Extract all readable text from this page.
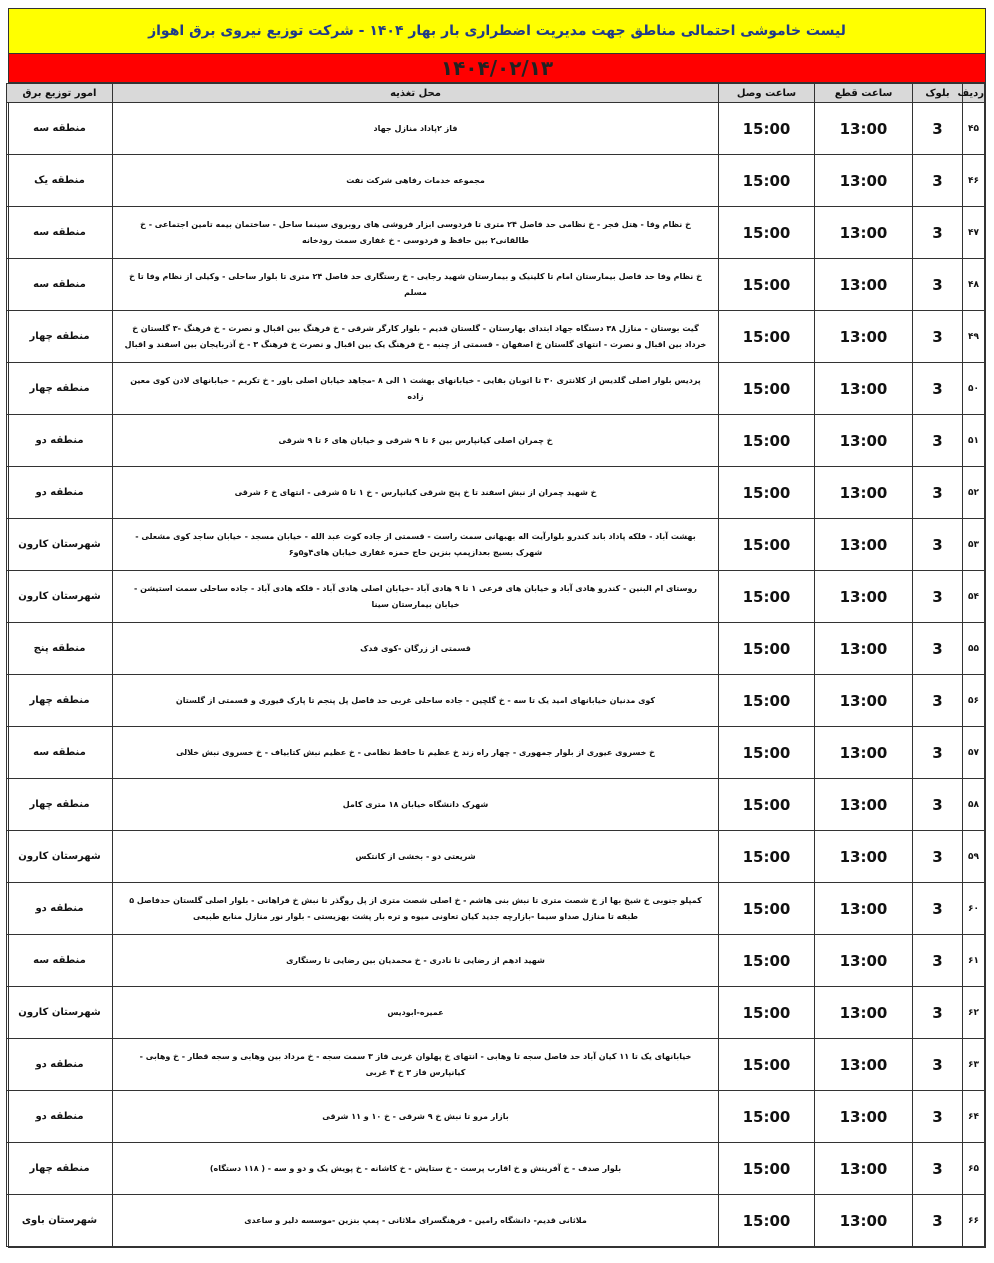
لیست خاموشی احتمالی مناطق جهت مدیریت اضطراری بار بهار ۱۴۰۴ - شرکت توزیع نیروی برق اهواز
۱۴۰۴/۰۲/۱۳
ردیف	بلوک	ساعت قطع	ساعت وصل	محل تغذیه	امور توزیع برق
۴۵	3	13:00	15:00	فاز ۲پاداد منازل جهاد	منطقه سه
۴۶	3	13:00	15:00	مجموعه خدمات رفاهی شرکت نفت	منطقه یک
۴۷	3	13:00	15:00	خ نظام وفا - هتل فجر - خ نظامی حد فاصل ۲۴ متری تا فردوسی ابزار فروشی های روبروی سینما ساحل - ساختمان بیمه تامین اجتماعی - خ طالقانی۲ بین حافظ و فردوسی - خ غفاری سمت رودخانه	منطقه سه
۴۸	3	13:00	15:00	خ نظام وفا حد فاصل بیمارستان امام تا کلینیک و بیمارستان شهید رجایی - خ رستگاری حد فاصل ۲۴ متری تا بلوار ساحلی - وکیلی از نظام وفا تا خ مسلم	منطقه سه
۴۹	3	13:00	15:00	گیت بوستان - منازل ۳۸ دستگاه جهاد ابتدای بهارستان - گلستان قدیم - بلوار کارگر شرقی - خ فرهنگ بین اقبال و نصرت - خ فرهنگ -۳ گلستان خ خرداد بین اقبال و نصرت - انتهای گلستان خ اصفهان - قسمتی از چنبه - خ فرهنگ یک بین اقبال و نصرت خ فرهنگ ۳ - خ آذربایجان بین اسفند و اقبال	منطقه چهار
۵۰	3	13:00	15:00	پردیس بلوار اصلی گلدیس از کلانتری ۳۰ تا اتوبان بقایی - خیابانهای بهشت ۱ الی ۸ -مجاهد خیابان اصلی باور - خ تکریم - خیابانهای لادن کوی معین زاده	منطقه چهار
۵۱	3	13:00	15:00	خ چمران اصلی کیانپارس بین ۶ تا ۹ شرقی و خیابان های ۶ تا ۹ شرقی	منطقه دو
۵۲	3	13:00	15:00	خ شهید چمران از نبش اسفند تا خ پنج شرقی کیانپارس - خ ۱ تا ۵ شرقی - انتهای خ ۶ شرقی	منطقه دو
۵۳	3	13:00	15:00	بهشت آباد - فلکه پاداد باند کندرو بلوارآیت اله بهبهانی سمت راست - قسمتی از جاده کوت عبد الله - خیابان مسجد - خیابان ساجد کوی مشعلی - شهرک بسیج بعدازپمپ بنزین حاج حمزه غفاری خیابان های۴و۵و۶	شهرستان کارون
۵۴	3	13:00	15:00	روستای ام البنین - کندرو هادی آباد و خیابان های فرعی ۱ تا ۹ هادی آباد -خیابان اصلی هادی آباد - فلکه هادی آباد - جاده ساحلی سمت استیشن - خیابان بیمارستان سینا	شهرستان کارون
۵۵	3	13:00	15:00	قسمتی از زرگان -کوی فدک	منطقه پنج
۵۶	3	13:00	15:00	کوی مدنیان خیابانهای امید یک تا سه - خ گلچین - جاده ساحلی غربی حد فاصل پل پنجم تا پارک قیوری و قسمتی از گلستان	منطقه چهار
۵۷	3	13:00	15:00	خ خسروی عیوری از بلوار جمهوری - چهار راه زند خ عظیم تا حافظ نظامی - خ عظیم نبش کتابیاف - خ خسروی نبش خلالی	منطقه سه
۵۸	3	13:00	15:00	شهرک دانشگاه خیابان ۱۸ متری کامل	منطقه چهار
۵۹	3	13:00	15:00	شریعتی دو - بخشی از کانتکس	شهرستان کارون
۶۰	3	13:00	15:00	کمپلو جنوبی خ شیخ بها از خ شصت متری تا نبش بنی هاشم - خ اصلی شصت متری از پل روگذر تا نبش خ فراهانی - بلوار اصلی گلستان حدفاصل ۵ طبقه تا منازل صداو سیما -بازارچه جدید کیان تعاونی میوه و تره بار پشت بهزیستی - بلوار نور منازل منابع طبیعی	منطقه دو
۶۱	3	13:00	15:00	شهید ادهم از رضایی تا نادری - خ محمدیان بین رضایی تا رستگاری	منطقه سه
۶۲	3	13:00	15:00	عمیره-ابودیس	شهرستان کارون
۶۳	3	13:00	15:00	خیابانهای یک تا ۱۱ کیان آباد حد فاصل سجه تا وهابی - انتهای خ پهلوان غربی فاز ۳ سمت سجه - خ مرداد بین وهابی و سجه قطار - خ وهابی - کیانپارس فاز ۳ خ ۴ غربی	منطقه دو
۶۴	3	13:00	15:00	بازار مرو تا نبش خ ۹ شرقی - خ ۱۰ و ۱۱ شرقی	منطقه دو
۶۵	3	13:00	15:00	بلوار صدف - خ آفرینش و خ اقارب پرست - خ ستایش - خ کاشانه - خ پویش یک و دو و سه - ( ۱۱۸ دستگاه)	منطقه چهار
۶۶	3	13:00	15:00	ملاثانی قدیم- دانشگاه رامین - فرهنگسرای ملاثانی - پمپ بنزین -موسسه دلیر و ساعدی	شهرستان باوی
